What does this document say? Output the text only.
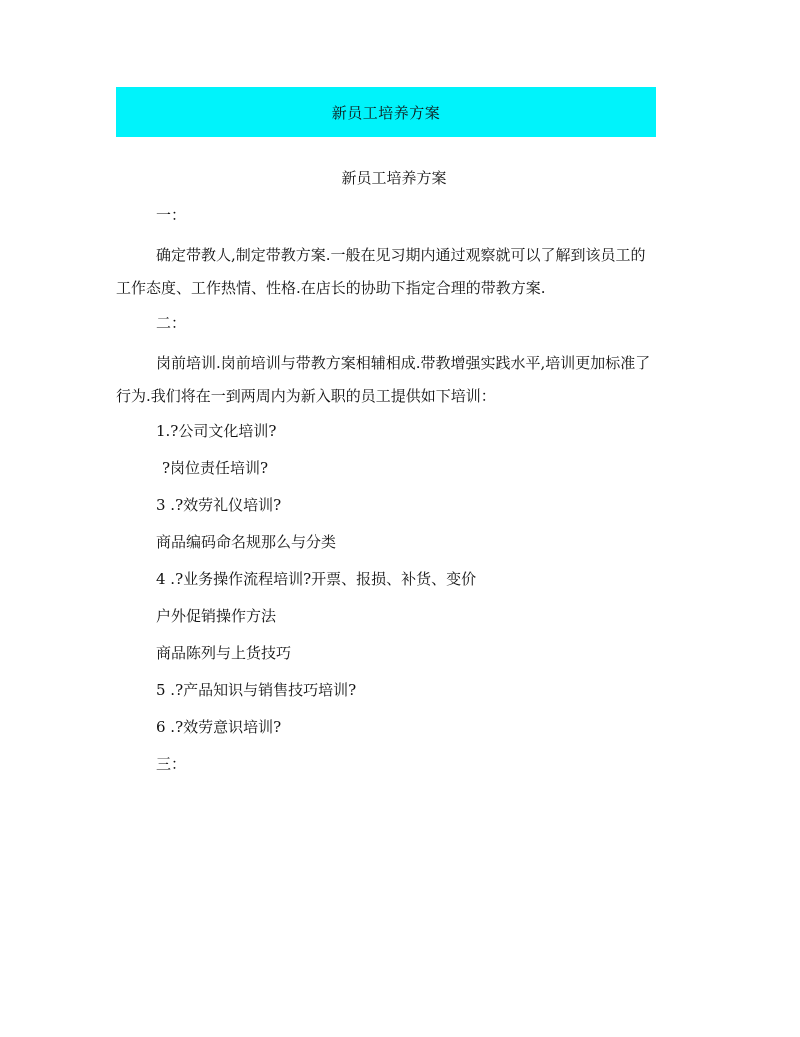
新员工培养方案
新员工培养方案
一：
确定带教人,制定带教方案.一般在见习期内通过观察就可以了解到该员工的工作态度、工作热情、性格.在店长的协助下指定合理的带教方案.
二：
岗前培训.岗前培训与带教方案相辅相成.带教增强实践水平,培训更加标准了行为.我们将在一到两周内为新入职的员工提供如下培训：
1.?公司文化培训?
?岗位责任培训?
3 .?效劳礼仪培训?
商品编码命名规那么与分类
4 .?业务操作流程培训?开票、报损、补货、变价
户外促销操作方法
商品陈列与上货技巧
5 .?产品知识与销售技巧培训?
6 .?效劳意识培训?
三：
